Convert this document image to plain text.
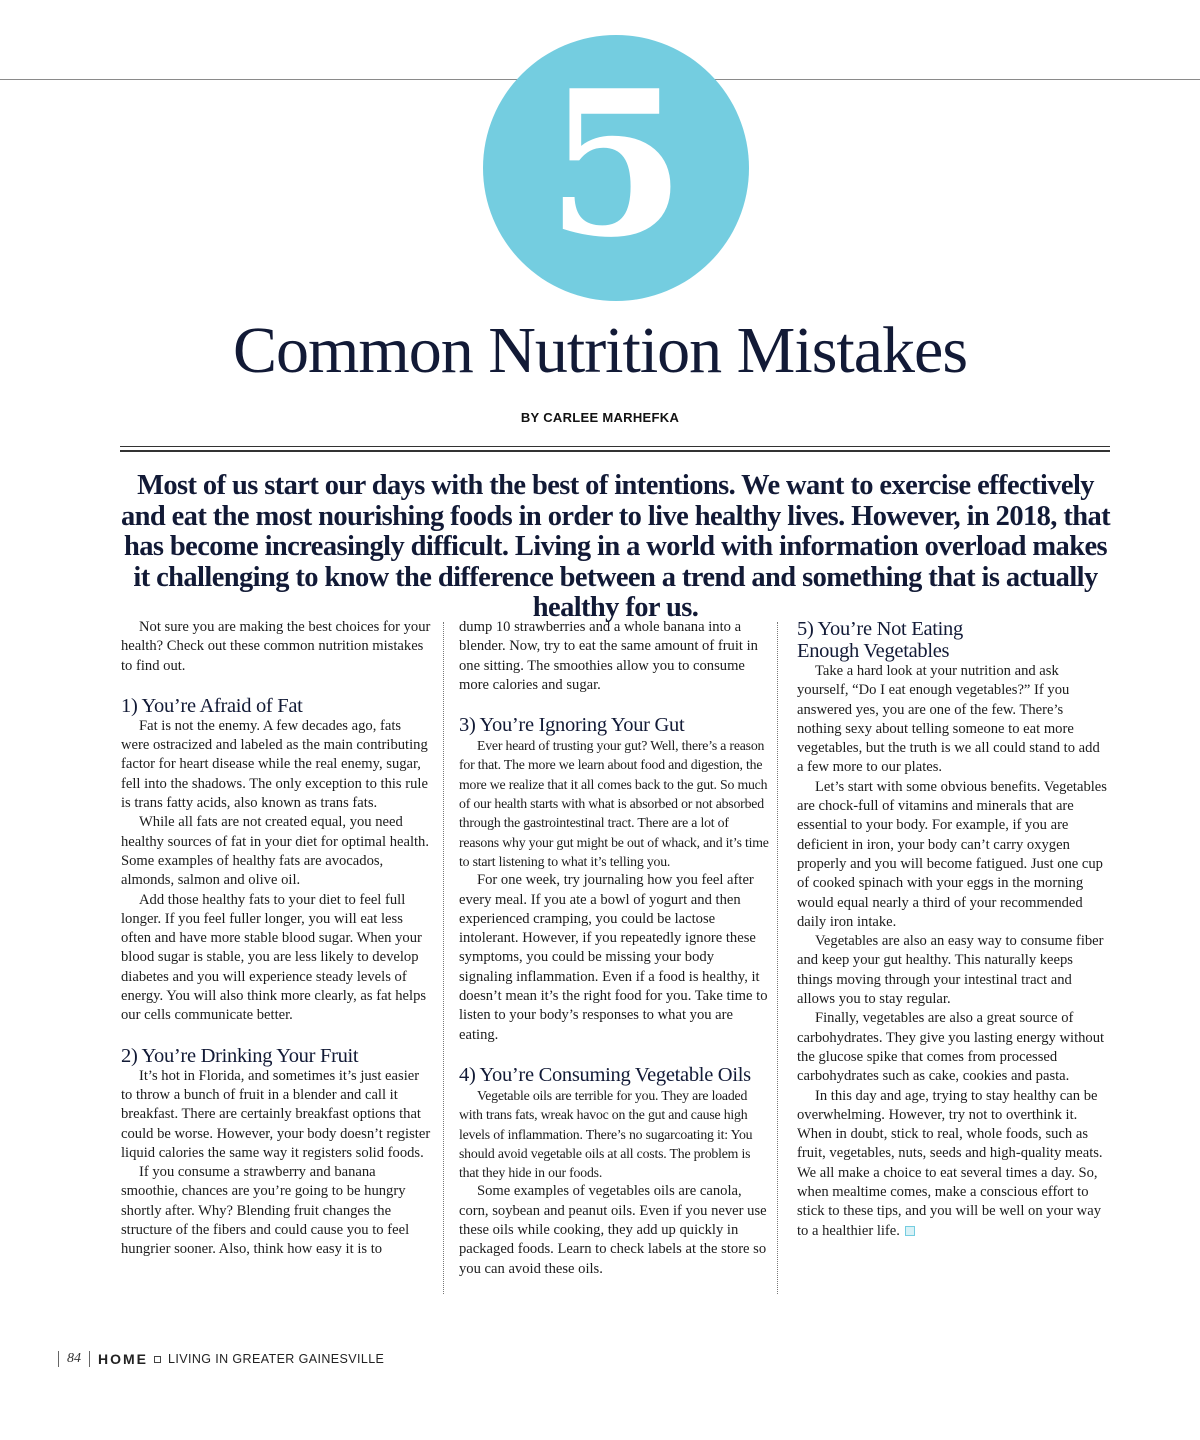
5
Common Nutrition Mistakes
BY CARLEE MARHEFKA
Most of us start our days with the best of intentions. We want to exercise effectively and eat the most nourishing foods in order to live healthy lives. However, in 2018, that has become increasingly difficult. Living in a world with information overload makes it challenging to know the difference between a trend and something that is actually healthy for us.

Not sure you are making the best choices for your health? Check out these common nutrition mistakes to find out.

1) You’re Afraid of Fat

Fat is not the enemy. A few decades ago, fats were ostracized and labeled as the main contributing factor for heart disease while the real enemy, sugar, fell into the shadows. The only exception to this rule is trans fatty acids, also known as trans fats.

While all fats are not created equal, you need healthy sources of fat in your diet for optimal health. Some examples of healthy fats are avocados, almonds, salmon and olive oil.

Add those healthy fats to your diet to feel full longer. If you feel fuller longer, you will eat less often and have more stable blood sugar. When your blood sugar is stable, you are less likely to develop diabetes and you will experience steady levels of energy. You will also think more clearly, as fat helps our cells communicate better.

2) You’re Drinking Your Fruit

It’s hot in Florida, and sometimes it’s just easier to throw a bunch of fruit in a blender and call it breakfast. There are certainly breakfast options that could be worse. However, your body doesn’t register liquid calories the same way it registers solid foods.

If you consume a strawberry and banana smoothie, chances are you’re going to be hungry shortly after. Why? Blending fruit changes the structure of the fibers and could cause you to feel hungrier sooner. Also, think how easy it is to

dump 10 strawberries and a whole banana into a blender. Now, try to eat the same amount of fruit in one sitting. The smoothies allow you to consume more calories and sugar.

3) You’re Ignoring Your Gut

Ever heard of trusting your gut? Well, there’s a reason for that. The more we learn about food and digestion, the more we realize that it all comes back to the gut. So much of our health starts with what is absorbed or not absorbed through the gastrointestinal tract. There are a lot of reasons why your gut might be out of whack, and it’s time to start listening to what it’s telling you.

For one week, try journaling how you feel after every meal. If you ate a bowl of yogurt and then experienced cramping, you could be lactose intolerant. However, if you repeatedly ignore these symptoms, you could be missing your body signaling inflammation. Even if a food is healthy, it doesn’t mean it’s the right food for you. Take time to listen to your body’s responses to what you are eating.

4) You’re Consuming Vegetable Oils

Vegetable oils are terrible for you. They are loaded with trans fats, wreak havoc on the gut and cause high levels of inflammation. There’s no sugarcoating it: You should avoid vegetable oils at all costs. The problem is that they hide in our foods.

Some examples of vegetables oils are canola, corn, soybean and peanut oils. Even if you never use these oils while cooking, they add up quickly in packaged foods. Learn to check labels at the store so you can avoid these oils.

5) You’re Not Eating Enough Vegetables

Take a hard look at your nutrition and ask yourself, “Do I eat enough vegetables?” If you answered yes, you are one of the few. There’s nothing sexy about telling someone to eat more vegetables, but the truth is we all could stand to add a few more to our plates.

Let’s start with some obvious benefits. Vegetables are chock-full of vitamins and minerals that are essential to your body. For example, if you are deficient in iron, your body can’t carry oxygen properly and you will become fatigued. Just one cup of cooked spinach with your eggs in the morning would equal nearly a third of your recommended daily iron intake.

Vegetables are also an easy way to consume fiber and keep your gut healthy. This naturally keeps things moving through your intestinal tract and allows you to stay regular.

Finally, vegetables are also a great source of carbohydrates. They give you lasting energy without the glucose spike that comes from processed carbohydrates such as cake, cookies and pasta.

In this day and age, trying to stay healthy can be overwhelming. However, try not to overthink it. When in doubt, stick to real, whole foods, such as fruit, vegetables, nuts, seeds and high-quality meats. We all make a choice to eat several times a day. So, when mealtime comes, make a conscious effort to stick to these tips, and you will be well on your way to a healthier life.

84 HOME LIVING IN GREATER GAINESVILLE
